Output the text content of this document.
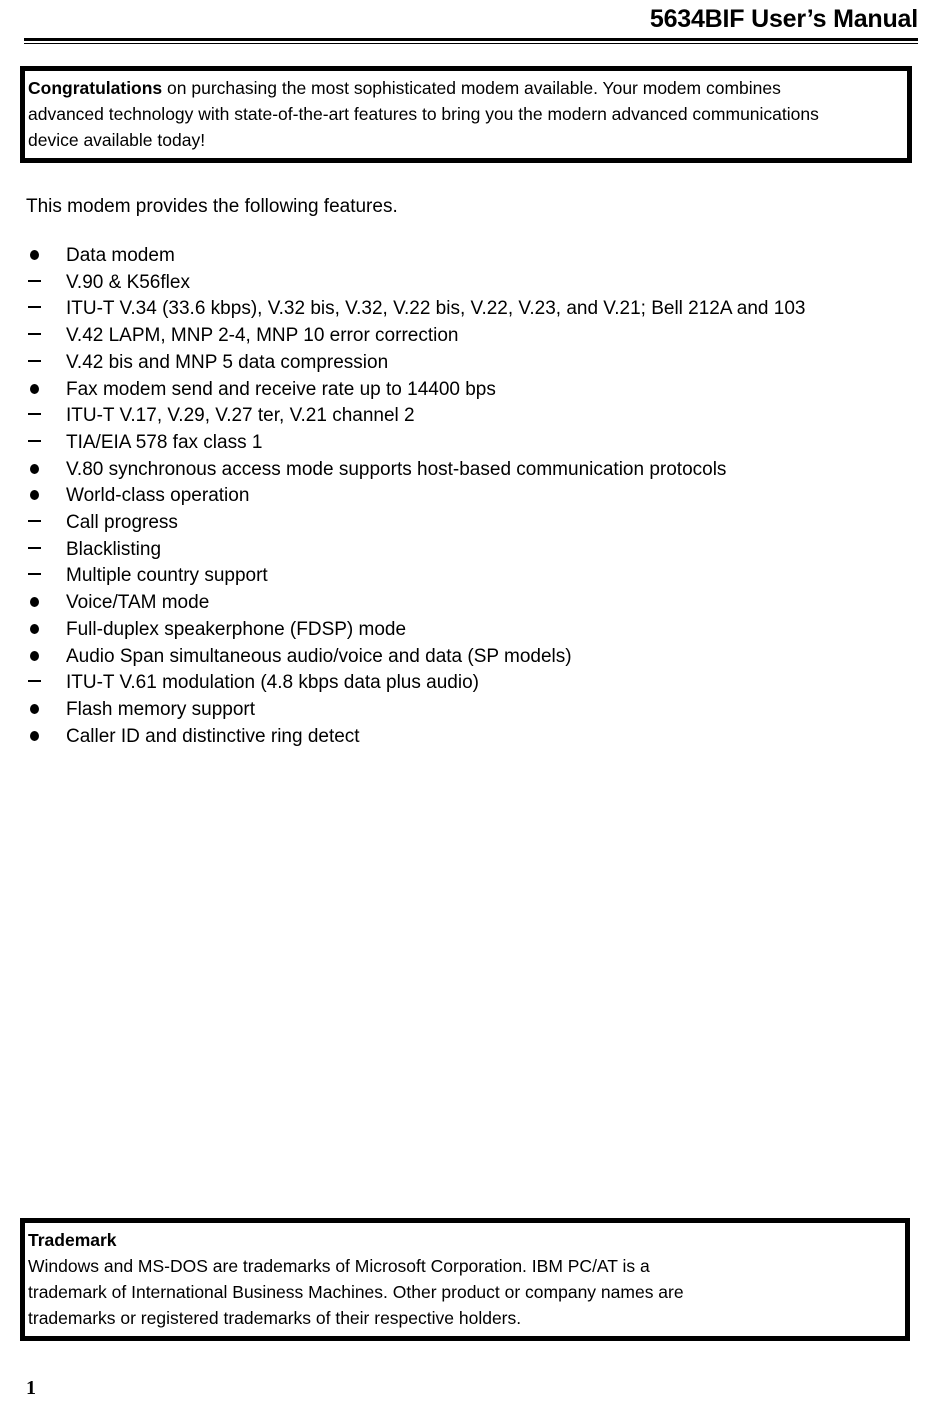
5634BIF User’s Manual

Congratulations on purchasing the most sophisticated modem available. Your modem combines

advanced technology with state-of-the-art features to bring you the modern advanced communications

device available today!

This modem provides the following features.
Data modem
V.90 & K56flex
ITU-T V.34 (33.6 kbps), V.32 bis, V.32, V.22 bis, V.22, V.23, and V.21; Bell 212A and 103
V.42 LAPM, MNP 2-4, MNP 10 error correction
V.42 bis and MNP 5 data compression
Fax modem send and receive rate up to 14400 bps
ITU-T V.17, V.29, V.27 ter, V.21 channel 2
TIA/EIA 578 fax class 1
V.80 synchronous access mode supports host-based communication protocols
World-class operation
Call progress
Blacklisting
Multiple country support
Voice/TAM mode
Full-duplex speakerphone (FDSP) mode
Audio Span simultaneous audio/voice and data (SP models)
ITU-T V.61 modulation (4.8 kbps data plus audio)
Flash memory support
Caller ID and distinctive ring detect

Trademark

Windows and MS-DOS are trademarks of Microsoft Corporation. IBM PC/AT is a

trademark of International Business Machines. Other product or company names are

trademarks or registered trademarks of their respective holders.

1
